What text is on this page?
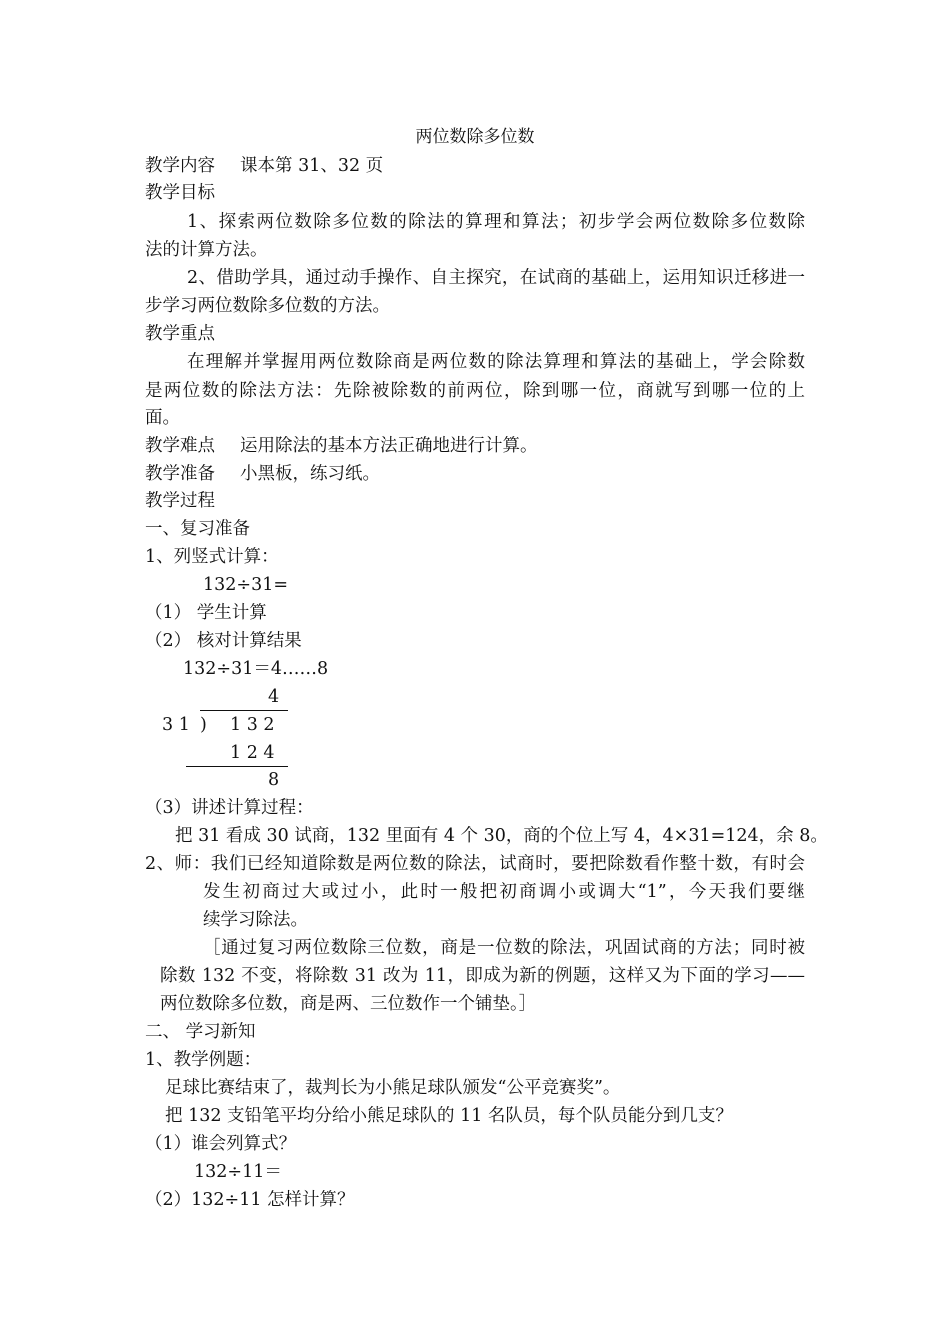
两位数除多位数
教学内容 课本第 31、32 页
教学目标
1、探索两位数除多位数的除法的算理和算法；初步学会两位数除多位数除
法的计算方法。
2、借助学具，通过动手操作、自主探究，在试商的基础上，运用知识迁移进一
步学习两位数除多位数的方法。
教学重点
在理解并掌握用两位数除商是两位数的除法算理和算法的基础上，学会除数
是两位数的除法方法：先除被除数的前两位，除到哪一位，商就写到哪一位的上
面。
教学难点 运用除法的基本方法正确地进行计算。
教学准备 小黑板，练习纸。
教学过程
一、复习准备
1、列竖式计算：
132÷31=
（1） 学生计算
（2） 核对计算结果
132÷31＝4……8
4
3 1 ) 1 3 2
1 2 4
8
（3）讲述计算过程：
把 31 看成 30 试商，132 里面有 4 个 30，商的个位上写 4，4×31=124，余 8。
2、师：我们已经知道除数是两位数的除法，试商时，要把除数看作整十数，有时会
发生初商过大或过小，此时一般把初商调小或调大“1”，今天我们要继
续学习除法。
［通过复习两位数除三位数，商是一位数的除法，巩固试商的方法；同时被
除数 132 不变，将除数 31 改为 11，即成为新的例题，这样又为下面的学习——
两位数除多位数，商是两、三位数作一个铺垫。］
二、 学习新知
1、教学例题：
足球比赛结束了，裁判长为小熊足球队颁发“公平竞赛奖”。
把 132 支铅笔平均分给小熊足球队的 11 名队员，每个队员能分到几支？
（1）谁会列算式？
132÷11＝
（2）132÷11 怎样计算？
